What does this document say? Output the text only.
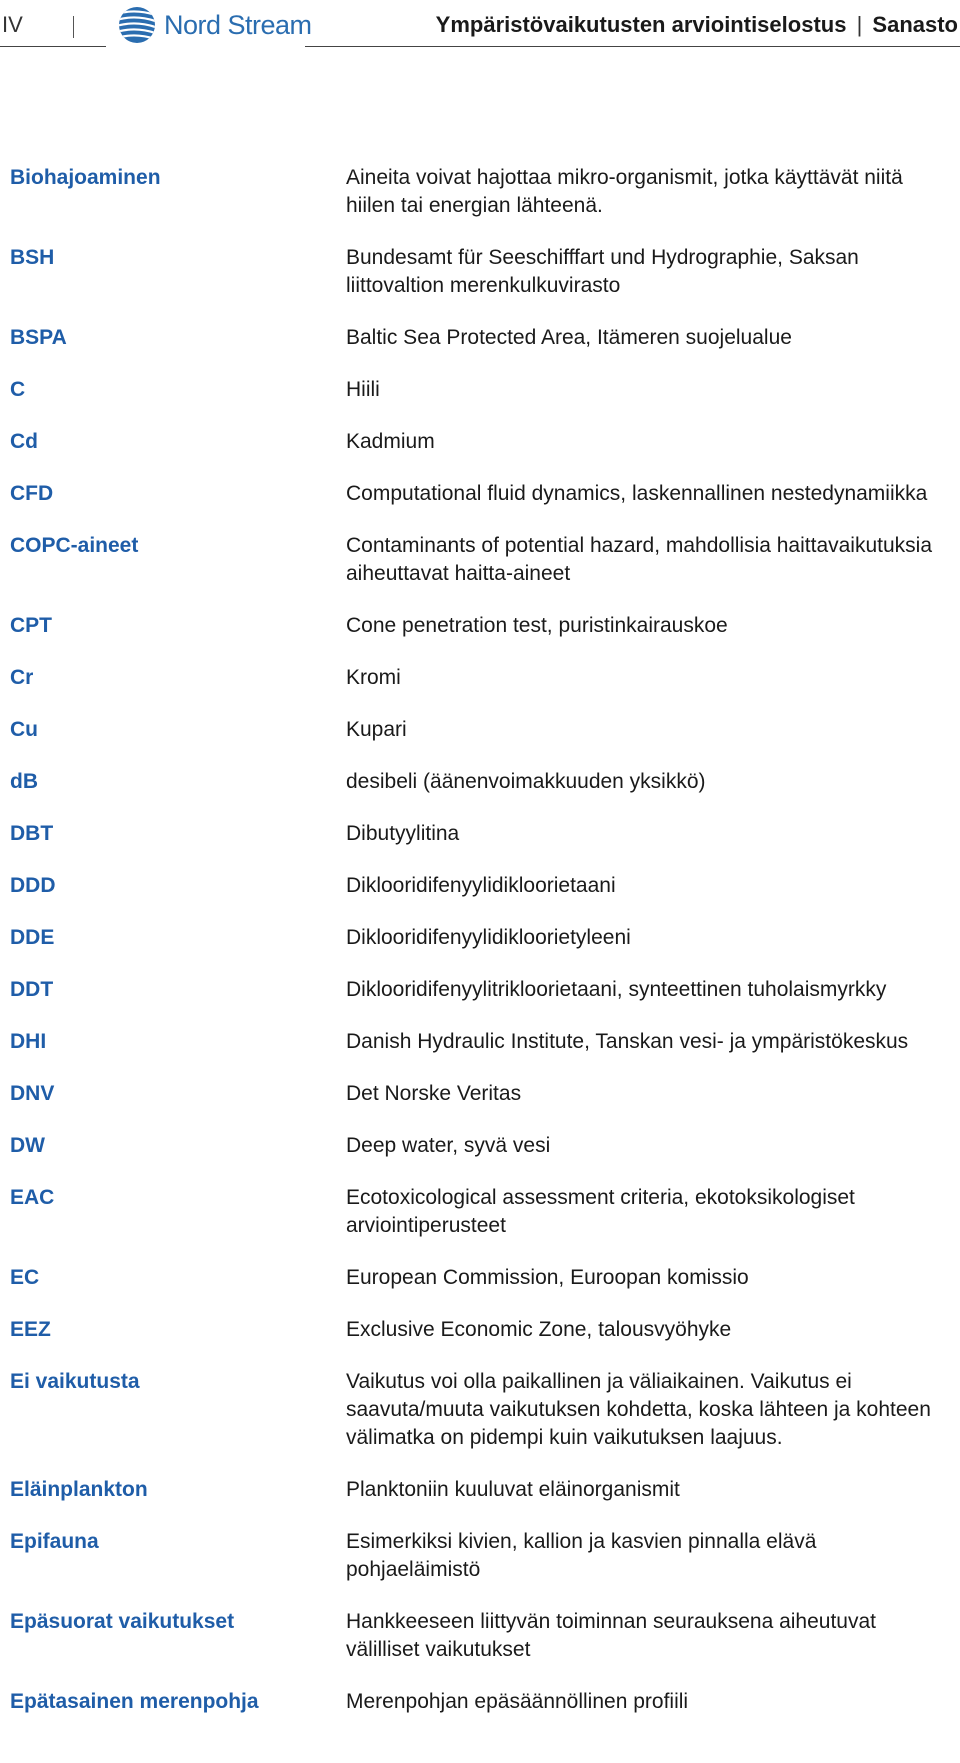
IV	Nord Stream	Ympäristövaikutusten arviointiselostus | Sanasto
Biohajoaminen	Aineita voivat hajottaa mikro-organismit, jotka käyttävät niitä hiilen tai energian lähteenä.
BSH	Bundesamt für Seeschifffart und Hydrographie, Saksan liittovaltion merenkulkuvirasto
BSPA	Baltic Sea Protected Area, Itämeren suojelualue
C	Hiili
Cd	Kadmium
CFD	Computational fluid dynamics, laskennallinen nestedynamiikka
COPC-aineet	Contaminants of potential hazard, mahdollisia haittavaikutuksia aiheuttavat haitta-aineet
CPT	Cone penetration test, puristinkairauskoe
Cr	Kromi
Cu	Kupari
dB	desibeli (äänenvoimakkuuden yksikkö)
DBT	Dibutyylitina
DDD	Diklooridifenyylidikloorietaani
DDE	Diklooridifenyylidikloorietyleeni
DDT	Diklooridifenyylitrikloorietaani, synteettinen tuholaismyrkky
DHI	Danish Hydraulic Institute, Tanskan vesi- ja ympäristökeskus
DNV	Det Norske Veritas
DW	Deep water, syvä vesi
EAC	Ecotoxicological assessment criteria, ekotoksikologiset arviointiperusteet
EC	European Commission, Euroopan komissio
EEZ	Exclusive Economic Zone, talousvyöhyke
Ei vaikutusta	Vaikutus voi olla paikallinen ja väliaikainen. Vaikutus ei saavuta/muuta vaikutuksen kohdetta, koska lähteen ja kohteen välimatka on pidempi kuin vaikutuksen laajuus.
Eläinplankton	Planktoniin kuuluvat eläinorganismit
Epifauna	Esimerkiksi kivien, kallion ja kasvien pinnalla elävä pohjaeläimistö
Epäsuorat vaikutukset	Hankkeeseen liittyvän toiminnan seurauksena aiheutuvat välilliset vaikutukset
Epätasainen merenpohja	Merenpohjan epäsäännöllinen profiili
